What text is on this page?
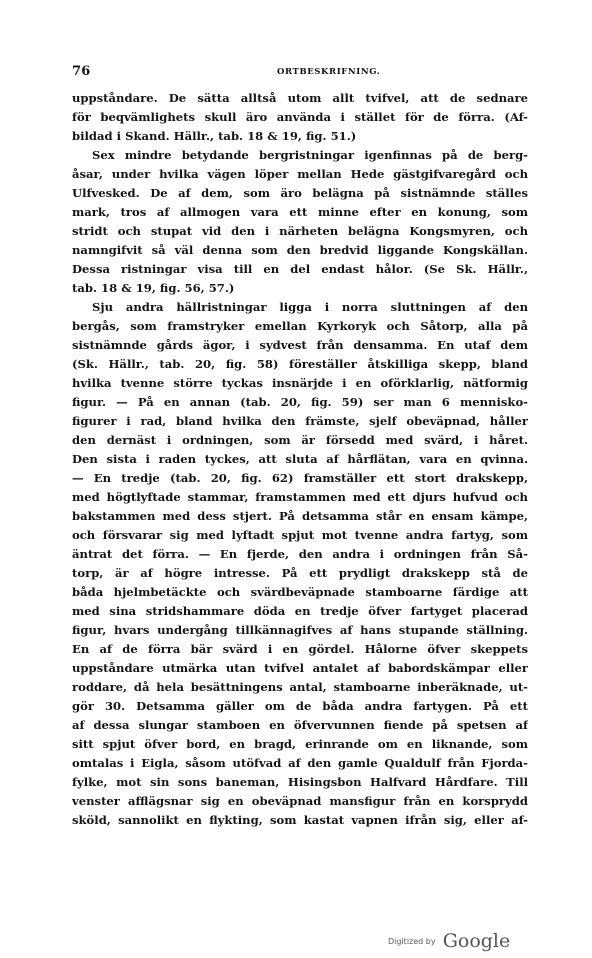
76	ORTBESKRIFNING.
uppståndare. De sätta alltså utom allt tvifvel, att de sednare
för beqvämlighets skull äro använda i stället för de förra. (Af-
bildad i Skand. Hällr., tab. 18 & 19, fig. 51.)
Sex mindre betydande bergristningar igenfinnas på de berg-
åsar, under hvilka vägen löper mellan Hede gästgifvaregård och
Ulfvesked. De af dem, som äro belägna på sistnämnde ställes
mark, tros af allmogen vara ett minne efter en konung, som
stridt och stupat vid den i närheten belägna Kongsmyren, och
namngifvit så väl denna som den bredvid liggande Kongskällan.
Dessa ristningar visa till en del endast hålor. (Se Sk. Hällr.,
tab. 18 & 19, fig. 56, 57.)
Sju andra hällristningar ligga i norra sluttningen af den
bergås, som framstryker emellan Kyrkoryk och Såtorp, alla på
sistnämnde gårds ägor, i sydvest från densamma. En utaf dem
(Sk. Hällr., tab. 20, fig. 58) föreställer åtskilliga skepp, bland
hvilka tvenne större tyckas insnärjde i en oförklarlig, nätformig
figur. — På en annan (tab. 20, fig. 59) ser man 6 mennisko-
figurer i rad, bland hvilka den främste, sjelf obeväpnad, håller
den dernäst i ordningen, som är försedd med svärd, i håret.
Den sista i raden tyckes, att sluta af hårflätan, vara en qvinna.
— En tredje (tab. 20, fig. 62) framställer ett stort drakskepp,
med högtlyftade stammar, framstammen med ett djurs hufvud och
bakstammen med dess stjert. På detsamma står en ensam kämpe,
och försvarar sig med lyftadt spjut mot tvenne andra fartyg, som
äntrat det förra. — En fjerde, den andra i ordningen från Så-
torp, är af högre intresse. På ett prydligt drakskepp stå de
båda hjelmbetäckte och svärdbeväpnade stamboarne färdige att
med sina stridshammare döda en tredje öfver fartyget placerad
figur, hvars undergång tillkännagifves af hans stupande ställning.
En af de förra bär svärd i en gördel. Hålorne öfver skeppets
uppståndare utmärka utan tvifvel antalet af babordskämpar eller
roddare, då hela besättningens antal, stamboarne inberäknade, ut-
gör 30. Detsamma gäller om de båda andra fartygen. På ett
af dessa slungar stamboen en öfvervunnen fiende på spetsen af
sitt spjut öfver bord, en bragd, erinrande om en liknande, som
omtalas i Eigla, såsom utöfvad af den gamle Qualdulf från Fjorda-
fylke, mot sin sons baneman, Hisingsbon Halfvard Hårdfare. Till
venster afflägsnar sig en obeväpnad mansfigur från en korsprydd
sköld, sannolikt en flykting, som kastat vapnen ifrån sig, eller af-
Digitized by Google
